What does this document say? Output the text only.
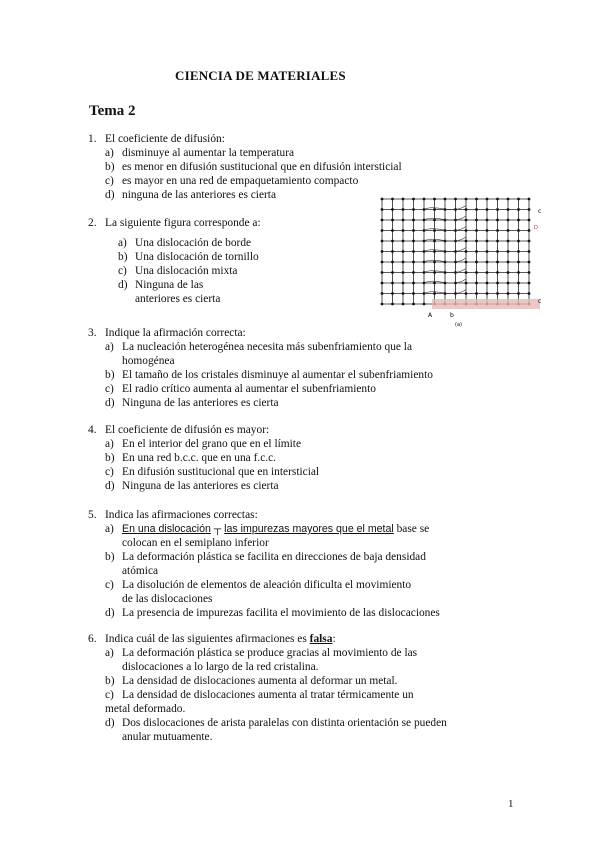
CIENCIA DE MATERIALES
Tema 2
1. El coeficiente de difusión:
a) disminuye al aumentar la temperatura
b) es menor en difusión sustitucional que en difusión intersticial
c) es mayor en una red de empaquetamiento compacto
d) ninguna de las anteriores es cierta
2. La siguiente figura corresponde a:
a) Una dislocación de borde
b) Una dislocación de tornillo
c) Una dislocación mixta
d) Ninguna de las
anteriores es cierta
A	b
(a)
c
c
D
3. Indique la afirmación correcta:
a) La nucleación heterogénea necesita más subenfriamiento que la
homogénea
b) El tamaño de los cristales disminuye al aumentar el subenfriamiento
c) El radio crítico aumenta al aumentar el subenfriamiento
d) Ninguna de las anteriores es cierta
4. El coeficiente de difusión es mayor:
a) En el interior del grano que en el límite
b) En una red b.c.c. que en una f.c.c.
c) En difusión sustitucional que en intersticial
d) Ninguna de las anteriores es cierta
5. Indica las afirmaciones correctas:
a) En una dislocación ┬ las impurezas mayores que el metal base se
colocan en el semiplano inferior
b) La deformación plástica se facilita en direcciones de baja densidad
atómica
c) La disolución de elementos de aleación dificulta el movimiento
de las dislocaciones
d) La presencia de impurezas facilita el movimiento de las dislocaciones
6. Indica cuál de las siguientes afirmaciones es falsa:
a) La deformación plástica se produce gracias al movimiento de las
dislocaciones a lo largo de la red cristalina.
b) La densidad de dislocaciones aumenta al deformar un metal.
c) La densidad de dislocaciones aumenta al tratar térmicamente un
metal deformado.
d) Dos dislocaciones de arista paralelas con distinta orientación se pueden
anular mutuamente.
1
